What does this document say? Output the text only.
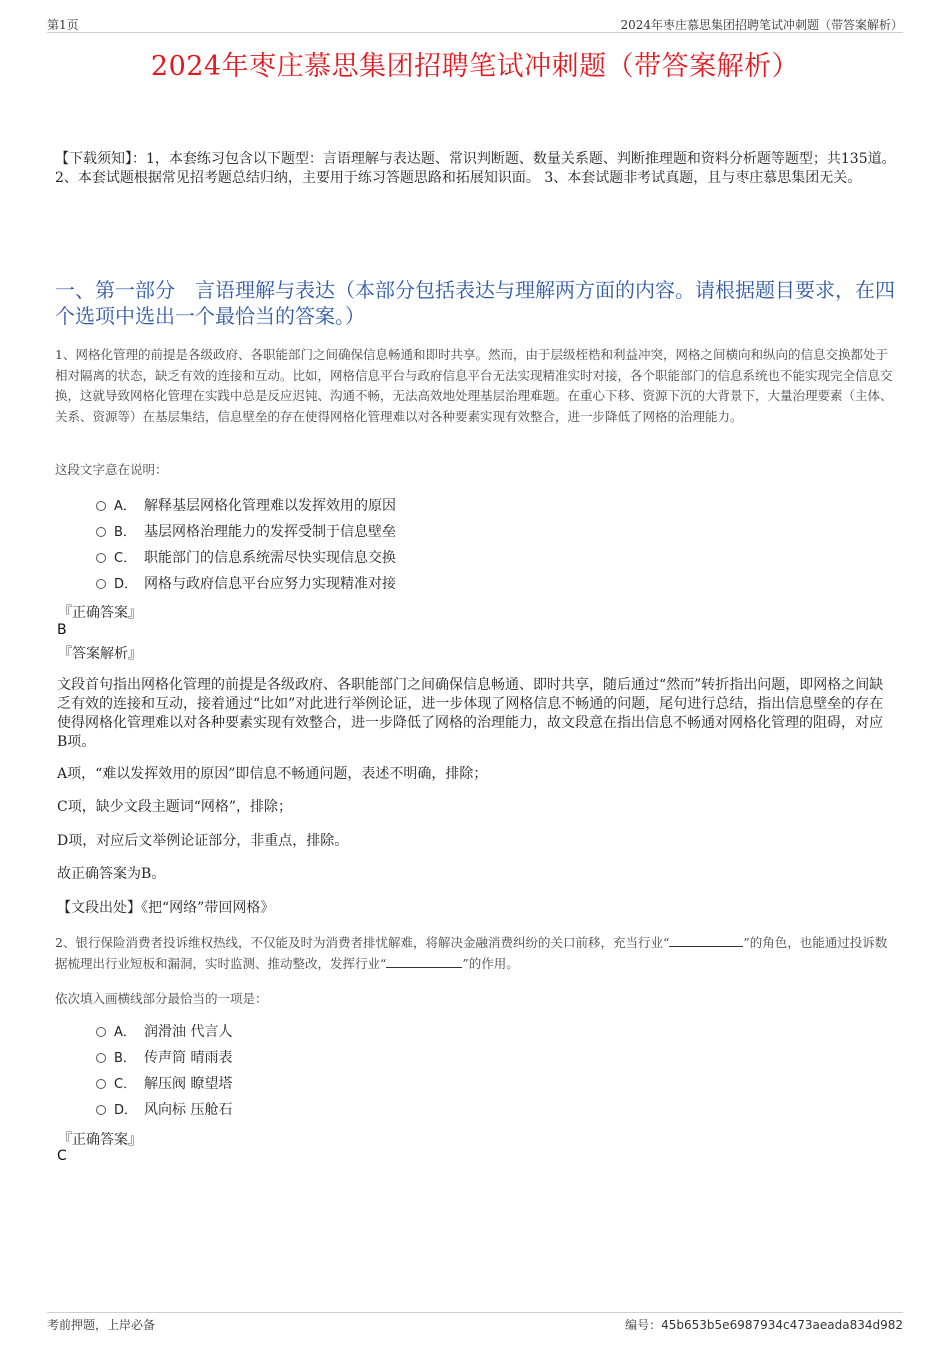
第1页	2024年枣庄慕思集团招聘笔试冲刺题（带答案解析）
2024年枣庄慕思集团招聘笔试冲刺题（带答案解析）
【下载须知】：1，本套练习包含以下题型：言语理解与表达题、常识判断题、数量关系题、判断推理题和资料分析题等题型；共135道。 2、本套试题根据常见招考题总结归纳，主要用于练习答题思路和拓展知识面。 3、本套试题非考试真题，且与枣庄慕思集团无关。
一、第一部分　言语理解与表达（本部分包括表达与理解两方面的内容。请根据题目要求，在四个选项中选出一个最恰当的答案。）
1、网格化管理的前提是各级政府、各职能部门之间确保信息畅通和即时共享。然而，由于层级桎梏和利益冲突，网格之间横向和纵向的信息交换都处于相对隔离的状态，缺乏有效的连接和互动。比如，网格信息平台与政府信息平台无法实现精准实时对接，各个职能部门的信息系统也不能实现完全信息交换，这就导致网格化管理在实践中总是反应迟钝、沟通不畅，无法高效地处理基层治理难题。在重心下移、资源下沉的大背景下，大量治理要素（主体、关系、资源等）在基层集结，信息壁垒的存在使得网格化管理难以对各种要素实现有效整合，进一步降低了网格的治理能力。
这段文字意在说明：
A． 解释基层网格化管理难以发挥效用的原因
B． 基层网格治理能力的发挥受制于信息壁垒
C． 职能部门的信息系统需尽快实现信息交换
D． 网格与政府信息平台应努力实现精准对接
『正确答案』
B
『答案解析』
文段首句指出网格化管理的前提是各级政府、各职能部门之间确保信息畅通、即时共享，随后通过“然而”转折指出问题，即网格之间缺乏有效的连接和互动，接着通过“比如”对此进行举例论证，进一步体现了网格信息不畅通的问题，尾句进行总结，指出信息壁垒的存在使得网格化管理难以对各种要素实现有效整合，进一步降低了网格的治理能力，故文段意在指出信息不畅通对网格化管理的阻碍，对应B项。
A项，“难以发挥效用的原因”即信息不畅通问题，表述不明确，排除；
C项，缺少文段主题词“网格”，排除；
D项，对应后文举例论证部分，非重点，排除。
故正确答案为B。
【文段出处】《把“网络”带回网格》
2、银行保险消费者投诉维权热线，不仅能及时为消费者排忧解难，将解决金融消费纠纷的关口前移，充当行业“	”的角色，也能通过投诉数据梳理出行业短板和漏洞，实时监测、推动整改，发挥行业“	”的作用。
依次填入画横线部分最恰当的一项是：
A． 润滑油 代言人
B． 传声筒 晴雨表
C． 解压阀 瞭望塔
D． 风向标 压舱石
『正确答案』
C
考前押题，上岸必备	编号：45b653b5e6987934c473aeada834d982
